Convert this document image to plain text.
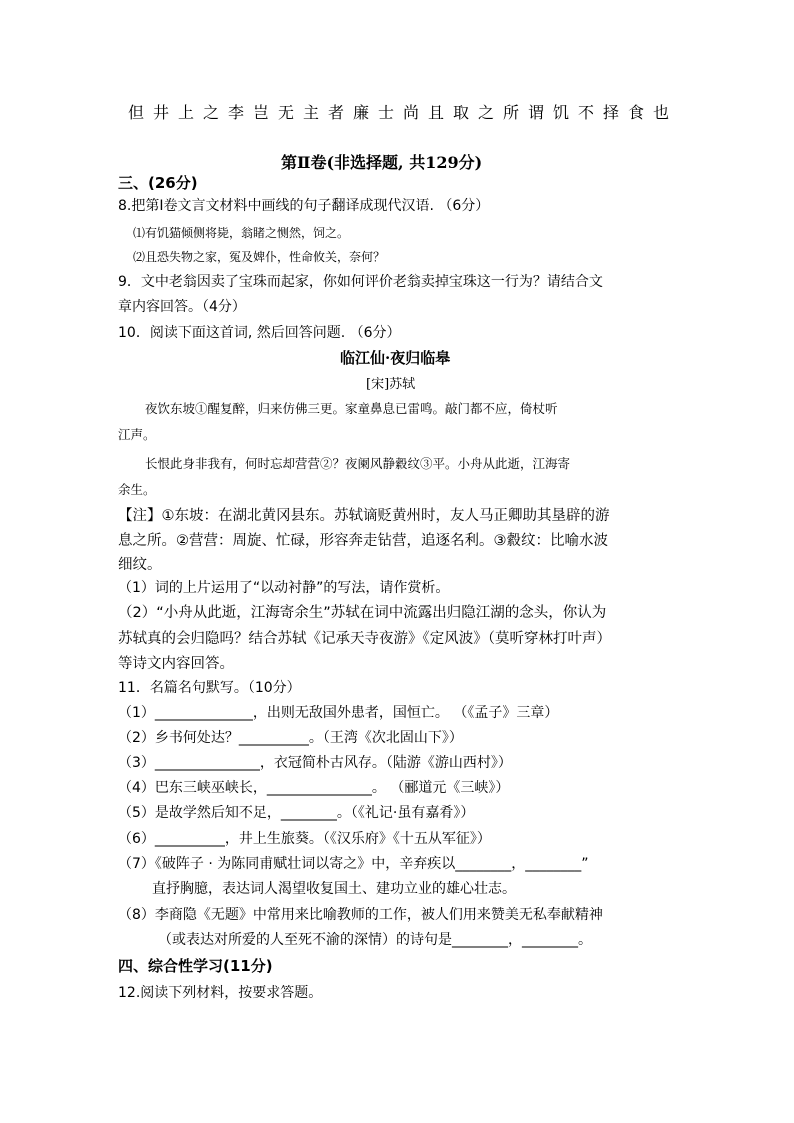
但井上之李岂无主者廉士尚且取之所谓饥不择食也
第Ⅱ卷(非选择题, 共129分)
三、(26分)
8.把第Ⅰ卷文言文材料中画线的句子翻译成现代汉语. （6分）
⑴有饥猫倾侧将毙，翁睹之恻然，饲之。
⑵且恐失物之家，冤及婢仆，性命攸关，奈何？
9．文中老翁因卖了宝珠而起家，你如何评价老翁卖掉宝珠这一行为？请结合文
章内容回答。（4分）
10．阅读下面这首词, 然后回答问题. （6分）
临江仙·夜归临皋
[宋]苏轼
夜饮东坡①醒复醉，归来仿佛三更。家童鼻息已雷鸣。敲门都不应，倚杖听
江声。
长恨此身非我有，何时忘却营营②？夜阑风静縠纹③平。小舟从此逝，江海寄
余生。
【注】①东坡：在湖北黄冈县东。苏轼谪贬黄州时，友人马正卿助其垦辟的游
息之所。②营营：周旋、忙碌，形容奔走钻营，追逐名利。③縠纹：比喻水波
细纹。
（1）词的上片运用了“以动衬静”的写法，请作赏析。
（2）“小舟从此逝，江海寄余生”苏轼在词中流露出归隐江湖的念头，你认为
苏轼真的会归隐吗？结合苏轼《记承天寺夜游》《定风波》（莫听穿林打叶声）
等诗文内容回答。
11．名篇名句默写。（10分）
（1）______________，出则无敌国外患者，国恒亡。 （《孟子》三章）
（2）乡书何处达？__________。（王湾《次北固山下》）
（3）_______________，衣冠简朴古风存。（陆游《游山西村》）
（4）巴东三峡巫峡长，_______________。 （郦道元《三峡》）
（5）是故学然后知不足，________。（《礼记·虽有嘉肴》）
（6）__________，井上生旅葵。（《汉乐府》《十五从军征》）
（7）《破阵子 · 为陈同甫赋壮词以寄之》中，辛弃疾以________，________”
直抒胸臆，表达词人渴望收复国土、建功立业的雄心壮志。
（8）李商隐《无题》中常用来比喻教师的工作，被人们用来赞美无私奉献精神
（或表达对所爱的人至死不渝的深情）的诗句是________，________。
四、综合性学习(11分)
12.阅读下列材料，按要求答题。
